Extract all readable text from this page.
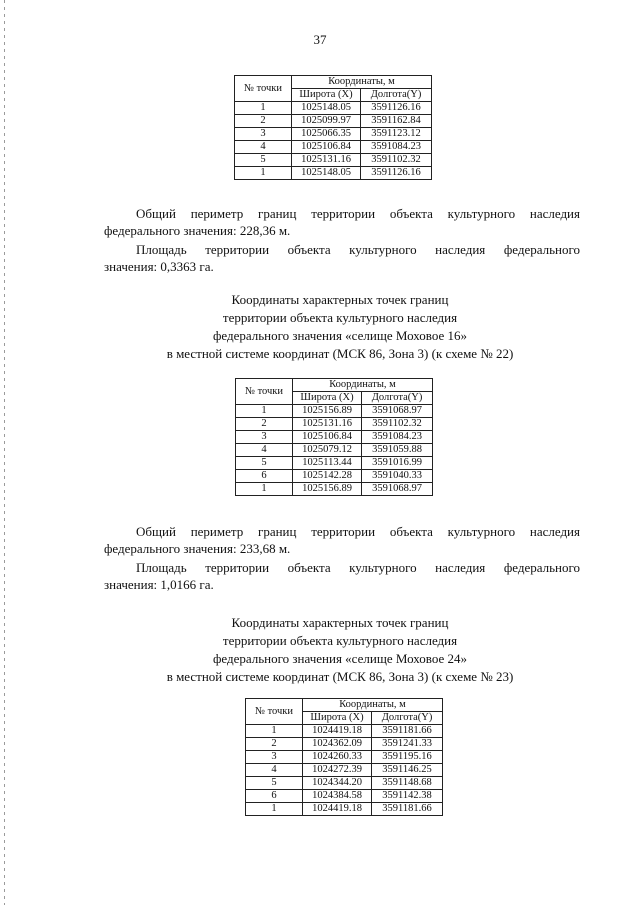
37
№ точки	Координаты, м	
	Широта (X)	Долгота(Y)
1	1025148.05	3591126.16
2	1025099.97	3591162.84
3	1025066.35	3591123.12
4	1025106.84	3591084.23
5	1025131.16	3591102.32
1	1025148.05	3591126.16
Общий периметр границ территории объекта культурного наследия
федерального значения: 228,36 м.
Площадь территории объекта культурного наследия федерального
значения: 0,3363 га.
Координаты характерных точек границ
территории объекта культурного наследия
федерального значения «селище Моховое 16»
в местной системе координат (МСК 86, Зона 3) (к схеме № 22)
№ точки	Координаты, м	
	Широта (X)	Долгота(Y)
1	1025156.89	3591068.97
2	1025131.16	3591102.32
3	1025106.84	3591084.23
4	1025079.12	3591059.88
5	1025113.44	3591016.99
6	1025142.28	3591040.33
1	1025156.89	3591068.97
Общий периметр границ территории объекта культурного наследия
федерального значения: 233,68 м.
Площадь территории объекта культурного наследия федерального
значения: 1,0166 га.
Координаты характерных точек границ
территории объекта культурного наследия
федерального значения «селище Моховое 24»
в местной системе координат (МСК 86, Зона 3) (к схеме № 23)
№ точки	Координаты, м	
	Широта (X)	Долгота(Y)
1	1024419.18	3591181.66
2	1024362.09	3591241.33
3	1024260.33	3591195.16
4	1024272.39	3591146.25
5	1024344.20	3591148.68
6	1024384.58	3591142.38
1	1024419.18	3591181.66
